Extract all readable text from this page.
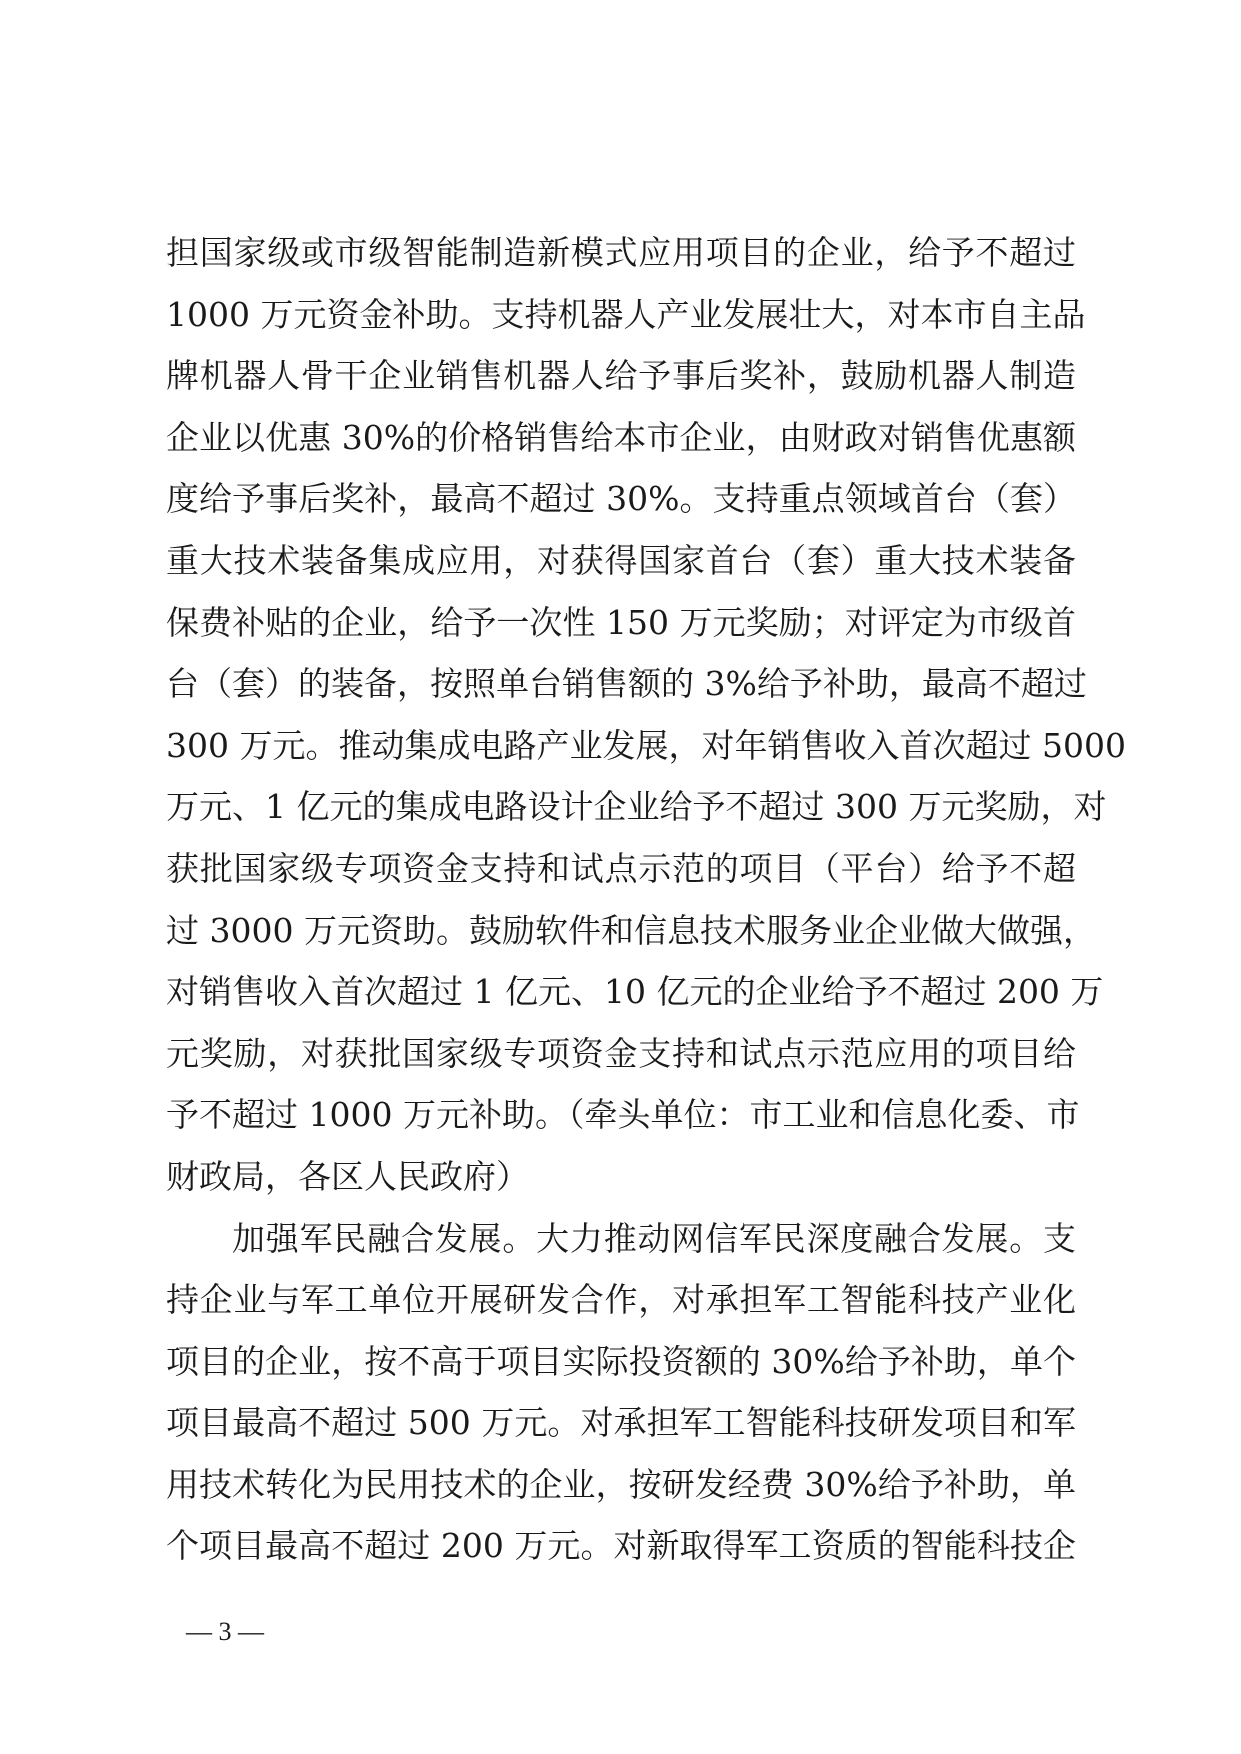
担国家级或市级智能制造新模式应用项目的企业，给予不超过
1000 万元资金补助。支持机器人产业发展壮大，对本市自主品
牌机器人骨干企业销售机器人给予事后奖补，鼓励机器人制造
企业以优惠 30%的价格销售给本市企业，由财政对销售优惠额
度给予事后奖补，最高不超过 30%。支持重点领域首台（套）
重大技术装备集成应用，对获得国家首台（套）重大技术装备
保费补贴的企业，给予一次性 150 万元奖励；对评定为市级首
台（套）的装备，按照单台销售额的 3%给予补助，最高不超过
300 万元。推动集成电路产业发展，对年销售收入首次超过 5000
万元、1 亿元的集成电路设计企业给予不超过 300 万元奖励，对
获批国家级专项资金支持和试点示范的项目（平台）给予不超
过 3000 万元资助。鼓励软件和信息技术服务业企业做大做强，
对销售收入首次超过 1 亿元、10 亿元的企业给予不超过 200 万
元奖励，对获批国家级专项资金支持和试点示范应用的项目给
予不超过 1000 万元补助。（牵头单位：市工业和信息化委、市
财政局，各区人民政府）
加强军民融合发展。大力推动网信军民深度融合发展。支
持企业与军工单位开展研发合作，对承担军工智能科技产业化
项目的企业，按不高于项目实际投资额的 30%给予补助，单个
项目最高不超过 500 万元。对承担军工智能科技研发项目和军
用技术转化为民用技术的企业，按研发经费 30%给予补助，单
个项目最高不超过 200 万元。对新取得军工资质的智能科技企
— 3 —
